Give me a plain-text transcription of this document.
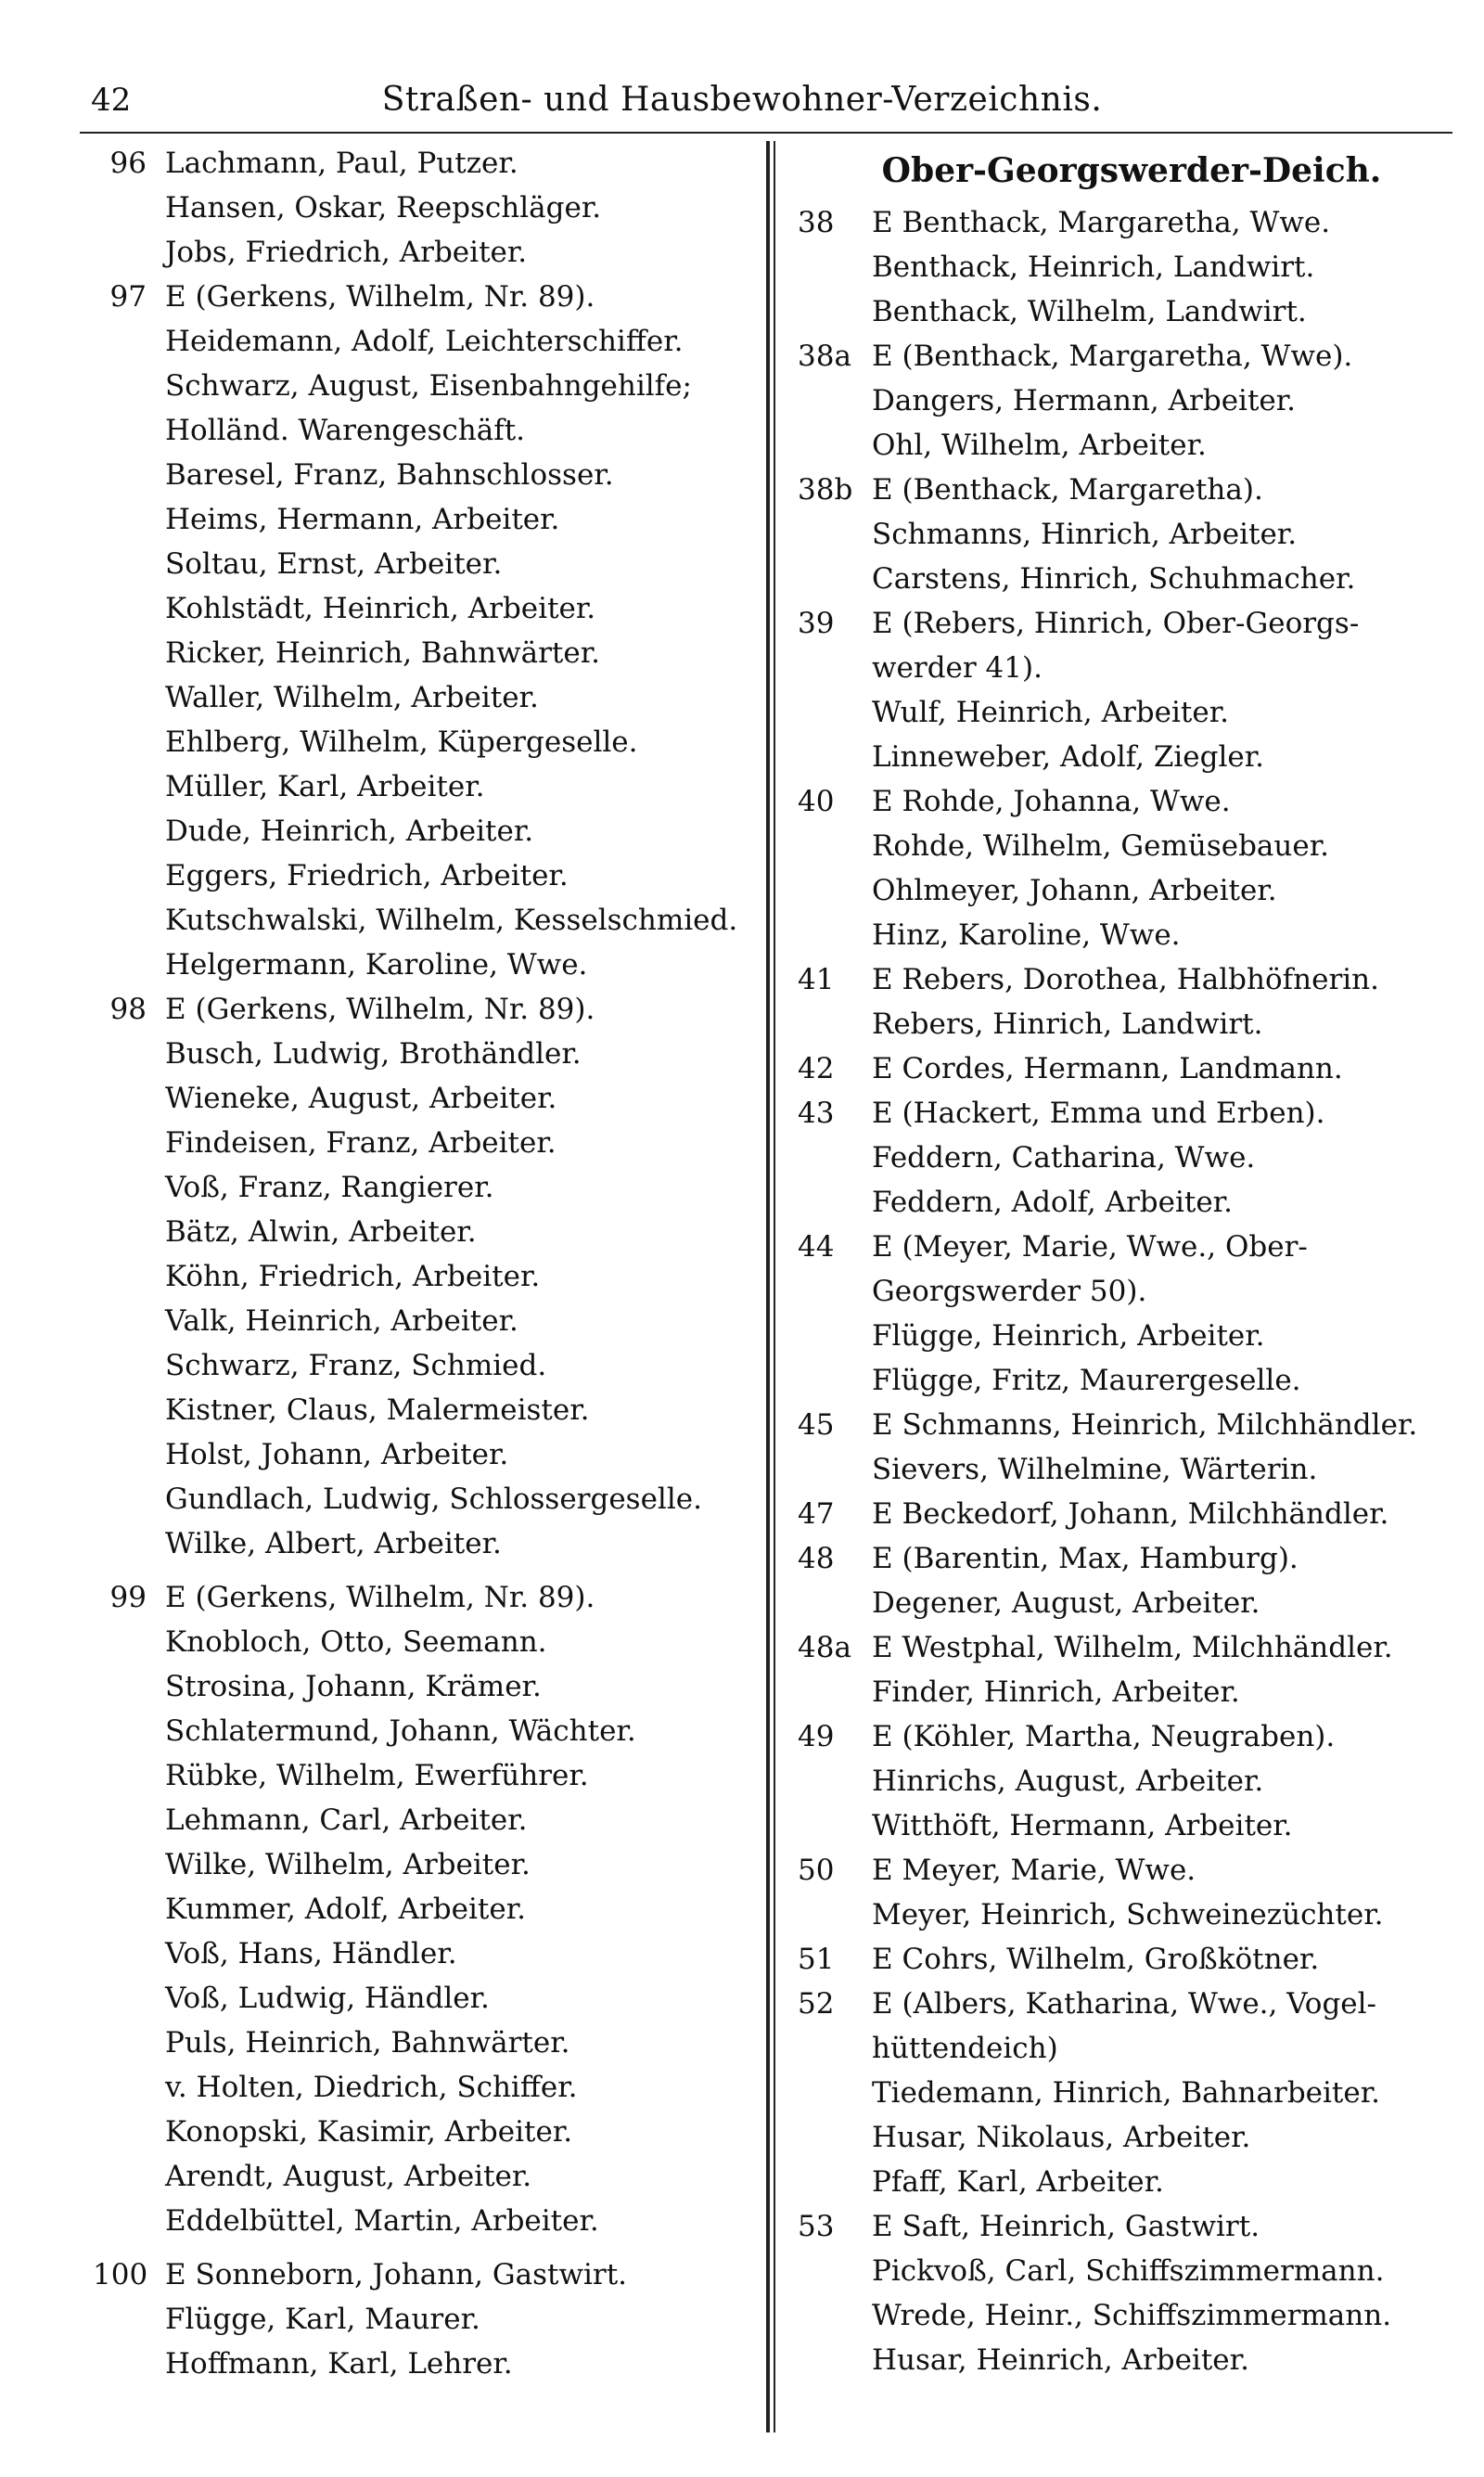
Straßen- und Hausbewohner-Verzeichnis.
42
96 Lachmann, Paul, Putzer.
Hansen, Oskar, Reepschläger.
Jobs, Friedrich, Arbeiter.
97 E (Gerkens, Wilhelm, Nr. 89).
Heidemann, Adolf, Leichterschiffer.
Schwarz, August, Eisenbahngehilfe;
Holländ. Warengeschäft.
Baresel, Franz, Bahnschlosser.
Heims, Hermann, Arbeiter.
Soltau, Ernst, Arbeiter.
Kohlstädt, Heinrich, Arbeiter.
Ricker, Heinrich, Bahnwärter.
Waller, Wilhelm, Arbeiter.
Ehlberg, Wilhelm, Küpergeselle.
Müller, Karl, Arbeiter.
Dude, Heinrich, Arbeiter.
Eggers, Friedrich, Arbeiter.
Kutschwalski, Wilhelm, Kesselschmied.
Helgermann, Karoline, Wwe.
98 E (Gerkens, Wilhelm, Nr. 89).
Busch, Ludwig, Brothändler.
Wieneke, August, Arbeiter.
Findeisen, Franz, Arbeiter.
Voß, Franz, Rangierer.
Bätz, Alwin, Arbeiter.
Köhn, Friedrich, Arbeiter.
Valk, Heinrich, Arbeiter.
Schwarz, Franz, Schmied.
Kistner, Claus, Malermeister.
Holst, Johann, Arbeiter.
Gundlach, Ludwig, Schlossergeselle.
Wilke, Albert, Arbeiter.
99 E (Gerkens, Wilhelm, Nr. 89).
Knobloch, Otto, Seemann.
Strosina, Johann, Krämer.
Schlatermund, Johann, Wächter.
Rübke, Wilhelm, Ewerführer.
Lehmann, Carl, Arbeiter.
Wilke, Wilhelm, Arbeiter.
Kummer, Adolf, Arbeiter.
Voß, Hans, Händler.
Voß, Ludwig, Händler.
Puls, Heinrich, Bahnwärter.
v. Holten, Diedrich, Schiffer.
Konopski, Kasimir, Arbeiter.
Arendt, August, Arbeiter.
Eddelbüttel, Martin, Arbeiter.
100 E Sonneborn, Johann, Gastwirt.
Flügge, Karl, Maurer.
Hoffmann, Karl, Lehrer.
Ober-Georgswerder-Deich.
38	E Benthack, Margaretha, Wwe.
Benthack, Heinrich, Landwirt.
Benthack, Wilhelm, Landwirt.
38a E (Benthack, Margaretha, Wwe).
Dangers, Hermann, Arbeiter.
Ohl, Wilhelm, Arbeiter.
38b E (Benthack, Margaretha).
Schmanns, Hinrich, Arbeiter.
Carstens, Hinrich, Schuhmacher.
39	E (Rebers, Hinrich, Ober-Georgs-
werder 41).
Wulf, Heinrich, Arbeiter.
Linneweber, Adolf, Ziegler.
40	E Rohde, Johanna, Wwe.
Rohde, Wilhelm, Gemüsebauer.
Ohlmeyer, Johann, Arbeiter.
Hinz, Karoline, Wwe.
41	E Rebers, Dorothea, Halbhöfnerin.
Rebers, Hinrich, Landwirt.
42	E Cordes, Hermann, Landmann.
43	E (Hackert, Emma und Erben).
Feddern, Catharina, Wwe.
Feddern, Adolf, Arbeiter.
44	E (Meyer, Marie, Wwe., Ober-
Georgswerder 50).
Flügge, Heinrich, Arbeiter.
Flügge, Fritz, Maurergeselle.
45	E Schmanns, Heinrich, Milchhändler.
Sievers, Wilhelmine, Wärterin.
47	E Beckedorf, Johann, Milchhändler.
48	E (Barentin, Max, Hamburg).
Degener, August, Arbeiter.
48a E Westphal, Wilhelm, Milchhändler.
Finder, Hinrich, Arbeiter.
49	E (Köhler, Martha, Neugraben).
Hinrichs, August, Arbeiter.
Witthöft, Hermann, Arbeiter.
50	E Meyer, Marie, Wwe.
Meyer, Heinrich, Schweinezüchter.
51	E Cohrs, Wilhelm, Großkötner.
52	E (Albers, Katharina, Wwe., Vogel-
hüttendeich)
Tiedemann, Hinrich, Bahnarbeiter.
Husar, Nikolaus, Arbeiter.
Pfaff, Karl, Arbeiter.
53	E Saft, Heinrich, Gastwirt.
Pickvoß, Carl, Schiffszimmermann.
Wrede, Heinr., Schiffszimmermann.
Husar, Heinrich, Arbeiter.
